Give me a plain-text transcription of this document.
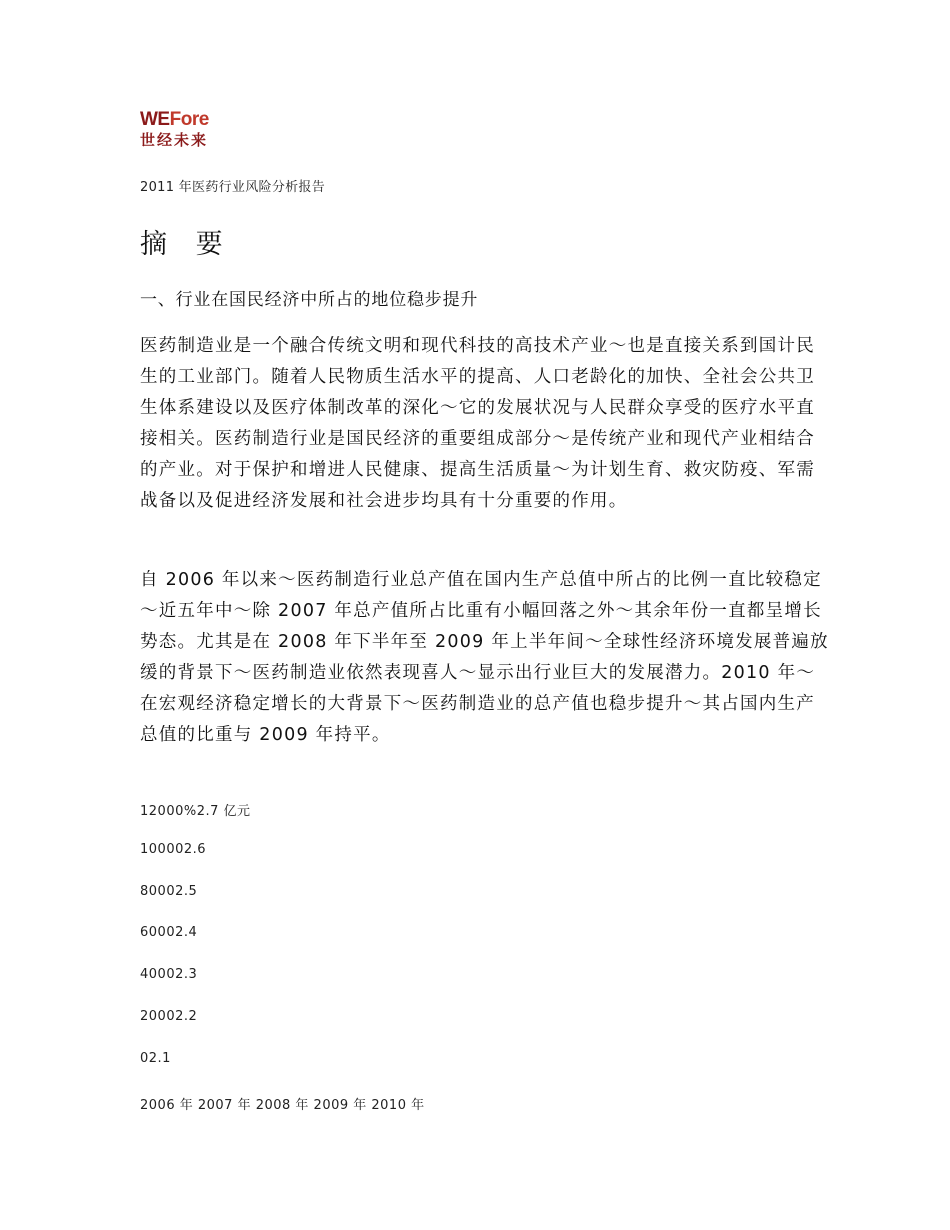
WEFore
世经未来
2011 年医药行业风险分析报告
摘 要
一、行业在国民经济中所占的地位稳步提升

医药制造业是一个融合传统文明和现代科技的高技术产业～也是直接关系到国计民生的工业部门。随着人民物质生活水平的提高、人口老龄化的加快、全社会公共卫生体系建设以及医疗体制改革的深化～它的发展状况与人民群众享受的医疗水平直接相关。医药制造行业是国民经济的重要组成部分～是传统产业和现代产业相结合的产业。对于保护和增进人民健康、提高生活质量～为计划生育、救灾防疫、军需战备以及促进经济发展和社会进步均具有十分重要的作用。

自 2006 年以来～医药制造行业总产值在国内生产总值中所占的比例一直比较稳定～近五年中～除 2007 年总产值所占比重有小幅回落之外～其余年份一直都呈增长势态。尤其是在 2008 年下半年至 2009 年上半年间～全球性经济环境发展普遍放缓的背景下～医药制造业依然表现喜人～显示出行业巨大的发展潜力。2010 年～在宏观经济稳定增长的大背景下～医药制造业的总产值也稳步提升～其占国内生产总值的比重与 2009 年持平。

12000%2.7 亿元
100002.6
80002.5
60002.4
40002.3
20002.2
02.1
2006 年 2007 年 2008 年 2009 年 2010 年
